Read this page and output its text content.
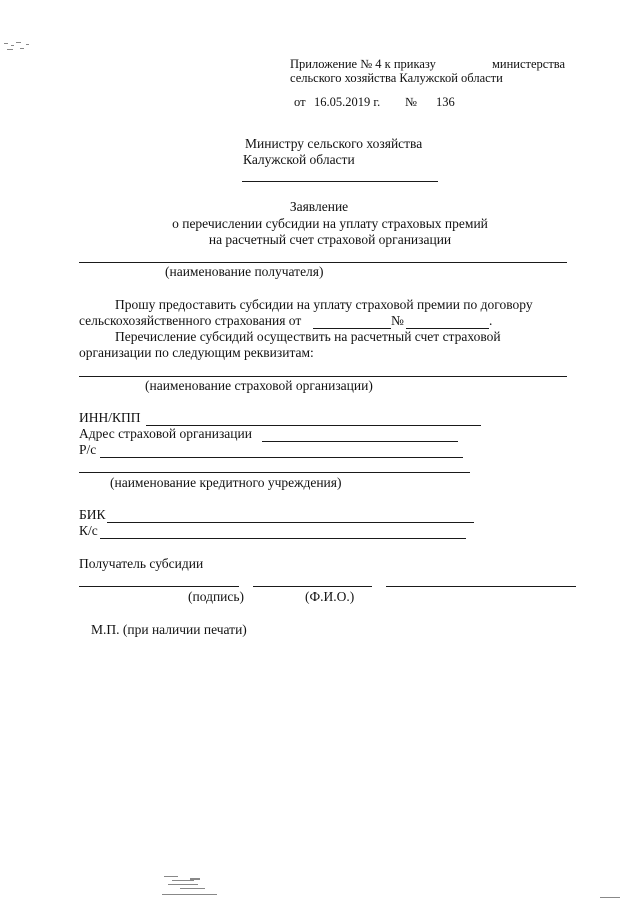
Приложение № 4 к приказу	министерства
сельского хозяйства Калужской области
от 16.05.2019 г. № 136
Министру сельского хозяйства
Калужской области
Заявление
о перечислении субсидии на уплату страховых премий
на расчетный счет страховой организации
(наименование получателя)
Прошу предоставить субсидии на уплату страховой премии по договору
сельскохозяйственного страхования от	№	.
Перечисление субсидий осуществить на расчетный счет страховой
организации по следующим реквизитам:
(наименование страховой организации)
ИНН/КПП
Адрес страховой организации
Р/с
(наименование кредитного учреждения)
БИК
К/с
Получатель субсидии
(подпись)	(Ф.И.О.)
М.П. (при наличии печати)
